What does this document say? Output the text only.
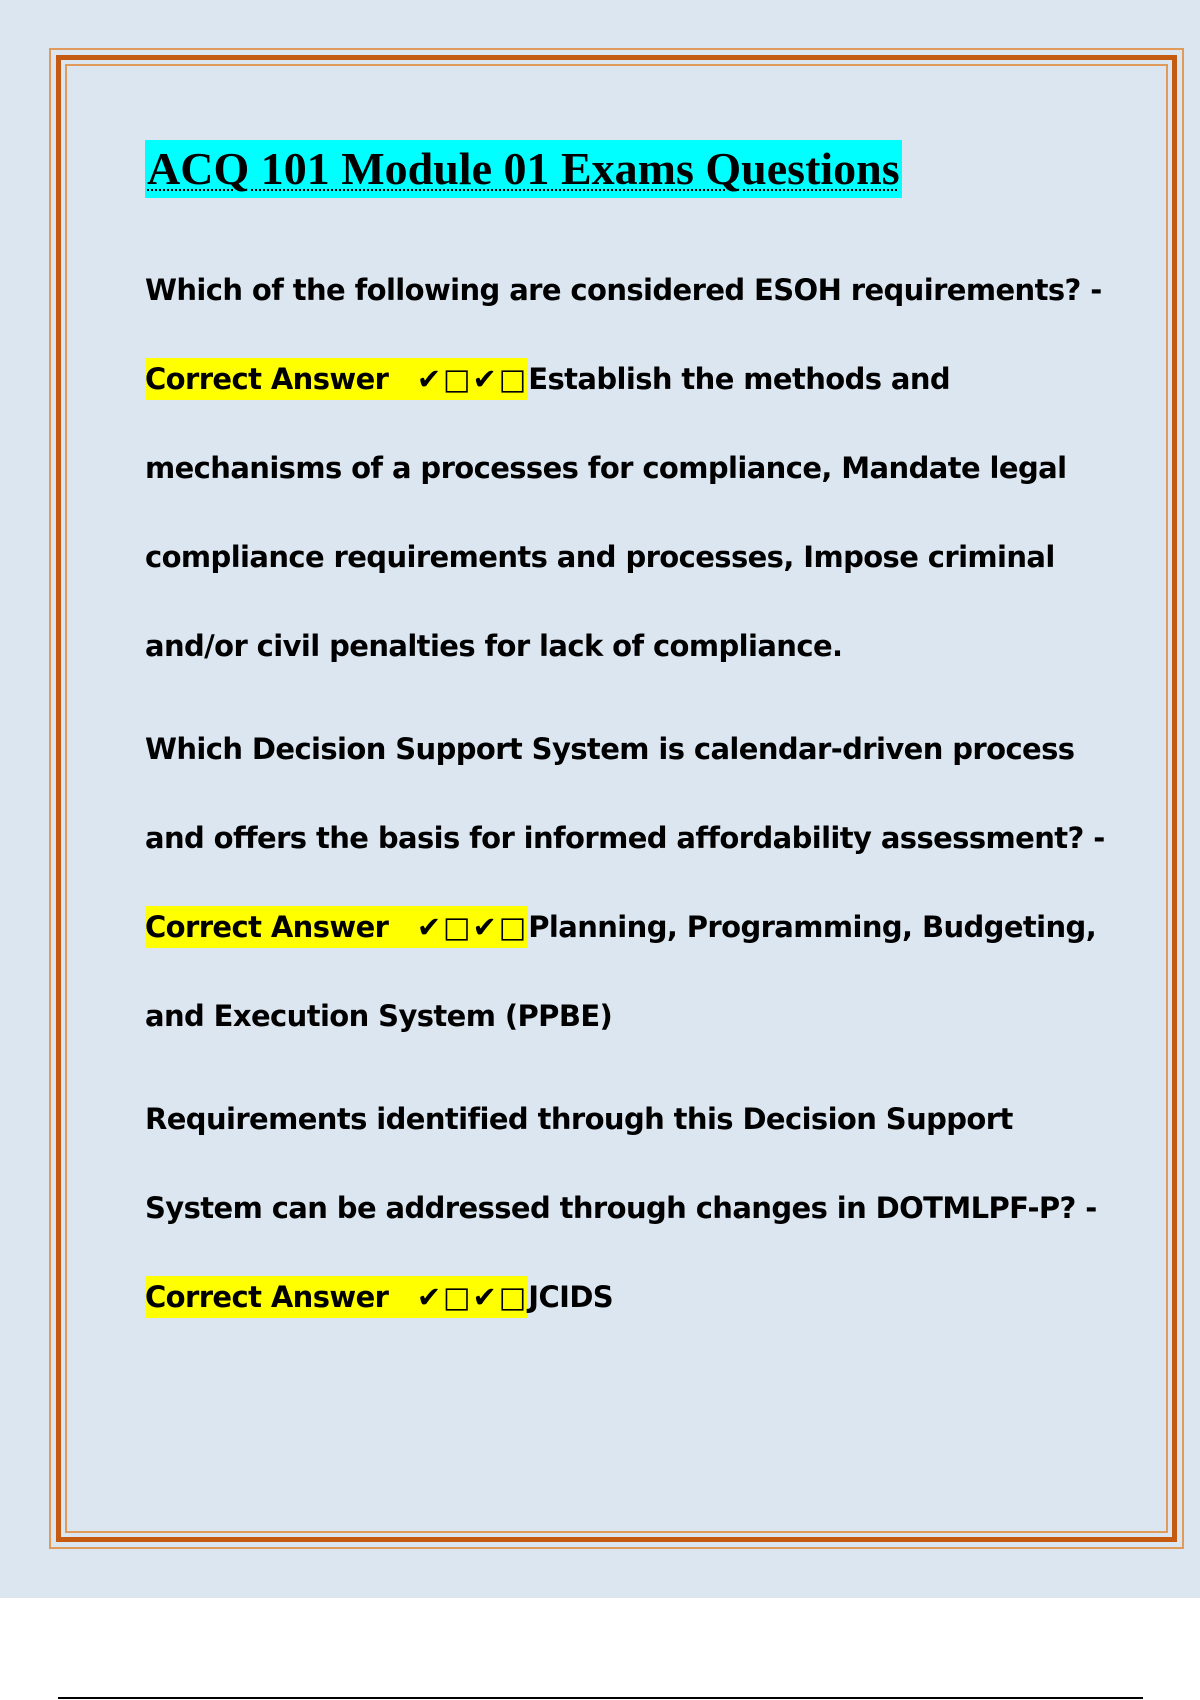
ACQ 101 Module 01 Exams Questions

Which of the following are considered ESOH requirements? -Correct Answer ✔□✔□Establish the methods and mechanisms of a processes for compliance, Mandate legal compliance requirements and processes, Impose criminal and/or civil penalties for lack of compliance.

Which Decision Support System is calendar-driven process and offers the basis for informed affordability assessment? -Correct Answer ✔□✔□Planning, Programming, Budgeting, and Execution System (PPBE)

Requirements identified through this Decision Support System can be addressed through changes in DOTMLPF-P? - Correct Answer ✔□✔□JCIDS
